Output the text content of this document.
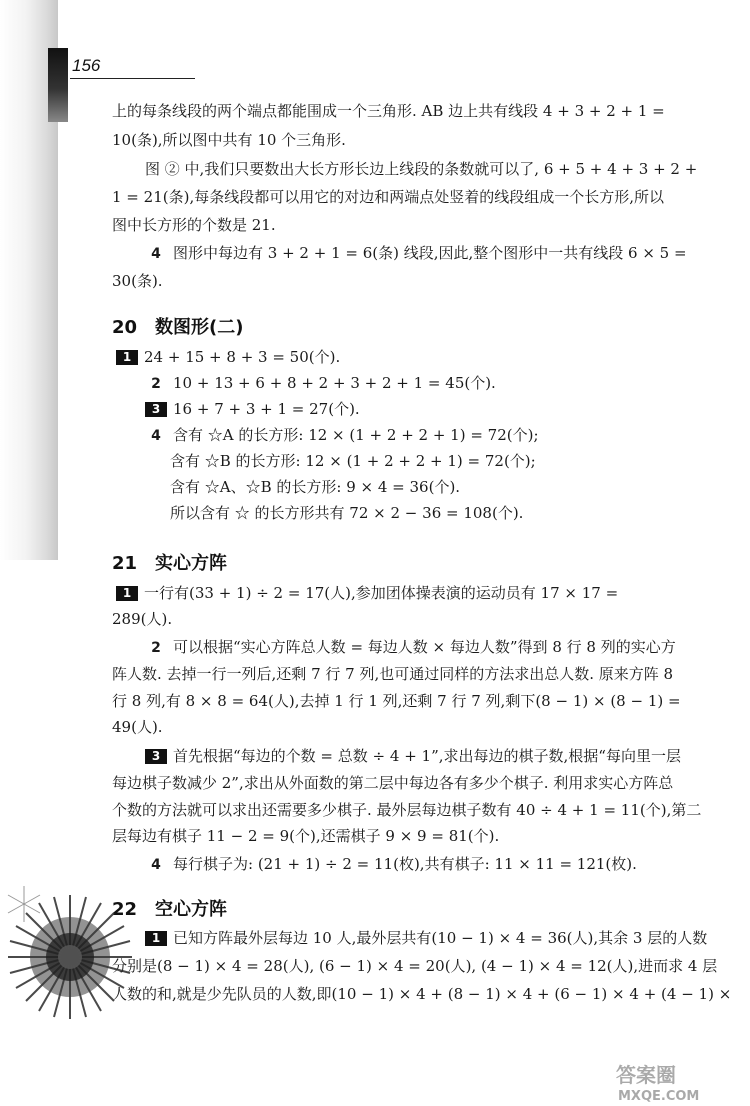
156
上的每条线段的两个端点都能围成一个三角形. AB 边上共有线段 4 + 3 + 2 + 1 =
10(条),所以图中共有 10 个三角形.
图 ② 中,我们只要数出大长方形长边上线段的条数就可以了, 6 + 5 + 4 + 3 + 2 +
1 = 21(条),每条线段都可以用它的对边和两端点处竖着的线段组成一个长方形,所以
图中长方形的个数是 21.
4 图形中每边有 3 + 2 + 1 = 6(条) 线段,因此,整个图形中一共有线段 6 × 5 =
30(条).
20　数图形(二)
1 24 + 15 + 8 + 3 = 50(个).
2 10 + 13 + 6 + 8 + 2 + 3 + 2 + 1 = 45(个).
3 16 + 7 + 3 + 1 = 27(个).
4 含有 ☆A 的长方形: 12 × (1 + 2 + 2 + 1) = 72(个);
含有 ☆B 的长方形: 12 × (1 + 2 + 2 + 1) = 72(个);
含有 ☆A、☆B 的长方形: 9 × 4 = 36(个).
所以含有 ☆ 的长方形共有 72 × 2 − 36 = 108(个).
21　实心方阵
1 一行有(33 + 1) ÷ 2 = 17(人),参加团体操表演的运动员有 17 × 17 =
289(人).
2 可以根据“实心方阵总人数 = 每边人数 × 每边人数”得到 8 行 8 列的实心方
阵人数. 去掉一行一列后,还剩 7 行 7 列,也可通过同样的方法求出总人数. 原来方阵 8
行 8 列,有 8 × 8 = 64(人),去掉 1 行 1 列,还剩 7 行 7 列,剩下(8 − 1) × (8 − 1) =
49(人).
3 首先根据“每边的个数 = 总数 ÷ 4 + 1”,求出每边的棋子数,根据“每向里一层
每边棋子数减少 2”,求出从外面数的第二层中每边各有多少个棋子. 利用求实心方阵总
个数的方法就可以求出还需要多少棋子. 最外层每边棋子数有 40 ÷ 4 + 1 = 11(个),第二
层每边有棋子 11 − 2 = 9(个),还需棋子 9 × 9 = 81(个).
4 每行棋子为: (21 + 1) ÷ 2 = 11(枚),共有棋子: 11 × 11 = 121(枚).
22　空心方阵
1 已知方阵最外层每边 10 人,最外层共有(10 − 1) × 4 = 36(人),其余 3 层的人数
分别是(8 − 1) × 4 = 28(人), (6 − 1) × 4 = 20(人), (4 − 1) × 4 = 12(人),进而求 4 层
人数的和,就是少先队员的人数,即(10 − 1) × 4 + (8 − 1) × 4 + (6 − 1) × 4 + (4 − 1) ×
答案圈
MXQE.COM
